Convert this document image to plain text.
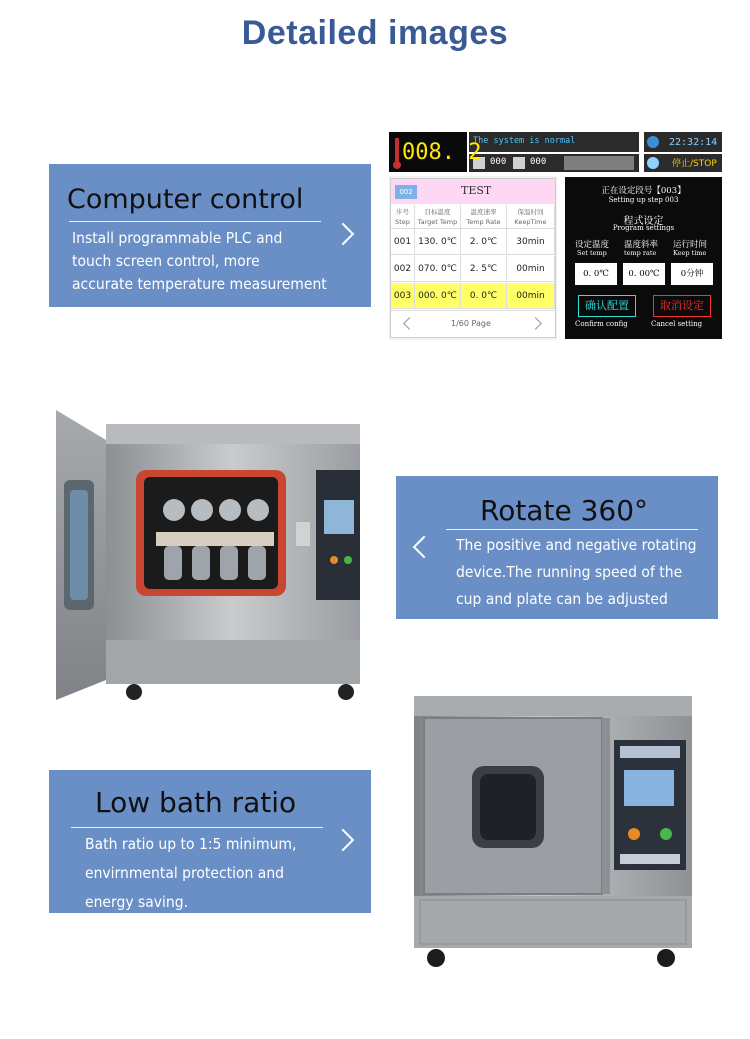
Detailed images
Computer control
Install programmable PLC and
touch screen control, more
accurate temperature measurement
008. 2
The system is normal
000	000
22:32:14
停止/STOP
002	TEST
步号
Step
目标温度
Target Temp
温度速率
Temp Rate
保温时间
KeepTime
001 130. 0℃	2. 0℃	30min
002 070. 0℃	2. 5℃	00min
003 000. 0℃	0. 0℃	00min
1/60 Page
正在设定段号【003】
Setting up step 003
程式设定
Program settings
设定温度
Set temp
温度斜率
temp rate
运行时间
Keep time
0. 0℃	0. 00℃	0分钟
确认配置
Confirm config
取消设定
Cancel setting
Rotate 360°
The positive and negative rotating
device.The running speed of the
cup and plate can be adjusted
Low bath ratio
Bath ratio up to 1:5 minimum,
envirnmental protection and
energy saving.
